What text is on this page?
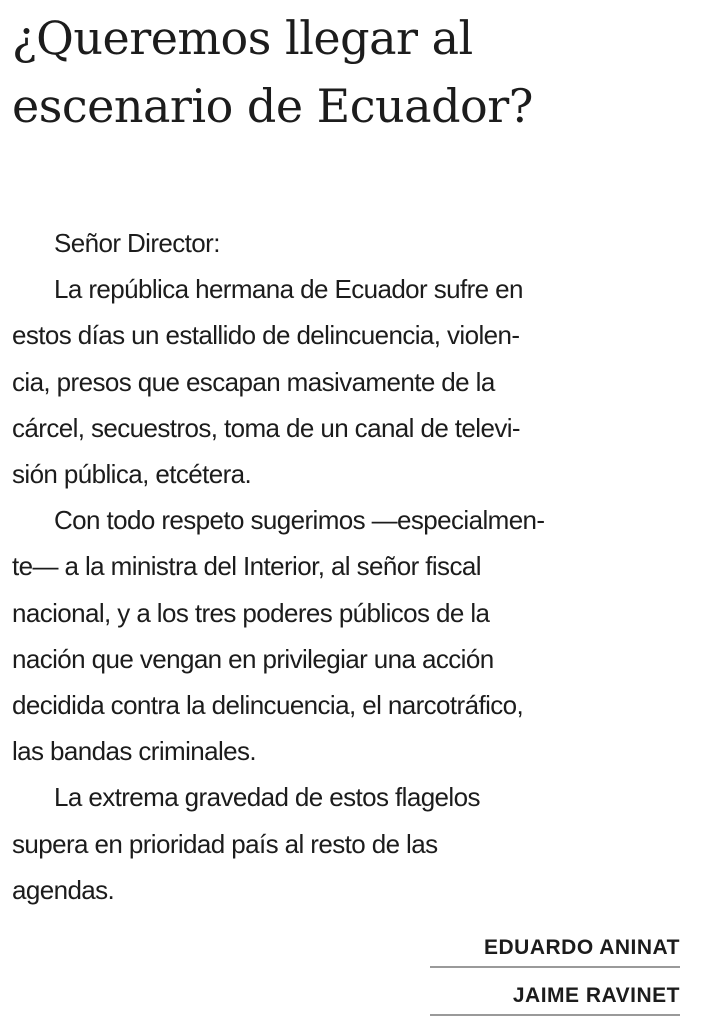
¿Queremos llegar al
escenario de Ecuador?
Señor Director:
La república hermana de Ecuador sufre en
estos días un estallido de delincuencia, violen-
cia, presos que escapan masivamente de la
cárcel, secuestros, toma de un canal de televi-
sión pública, etcétera.
Con todo respeto sugerimos —especialmen-
te— a la ministra del Interior, al señor fiscal
nacional, y a los tres poderes públicos de la
nación que vengan en privilegiar una acción
decidida contra la delincuencia, el narcotráfico,
las bandas criminales.
La extrema gravedad de estos flagelos
supera en prioridad país al resto de las
agendas.
EDUARDO ANINAT
JAIME RAVINET
